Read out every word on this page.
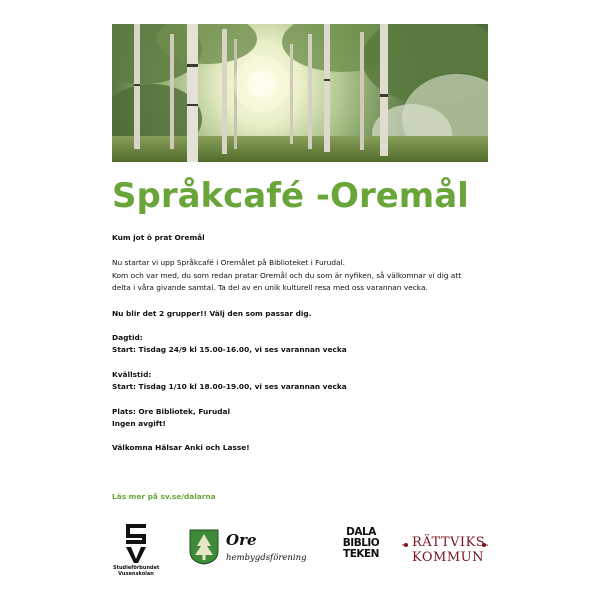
Språkcafé -Oremål

Kum jot ô prat Oremål

Nu startar vi upp Språkcafé i Oremålet på Biblioteket i Furudal.

Kom och var med, du som redan pratar Oremål och du som är nyfiken, så välkomnar vi dig att

delta i våra givande samtal. Ta del av en unik kulturell resa med oss varannan vecka.

Nu blir det 2 grupper!! Välj den som passar dig.

Dagtid:

Start: Tisdag 24/9 kl 15.00-16.00, vi ses varannan vecka

Kvällstid:

Start: Tisdag 1/10 kl 18.00-19.00, vi ses varannan vecka

Plats: Ore Bibliotek, Furudal

Ingen avgift!

Välkomna Hälsar Anki och Lasse!

Läs mer på sv.se/dalarna
Studieförbundet
Vuxenskolan
Ore
hembygdsförening
DALA
BIBLIO
TEKEN
RÄTTVIKS
KOMMUN
